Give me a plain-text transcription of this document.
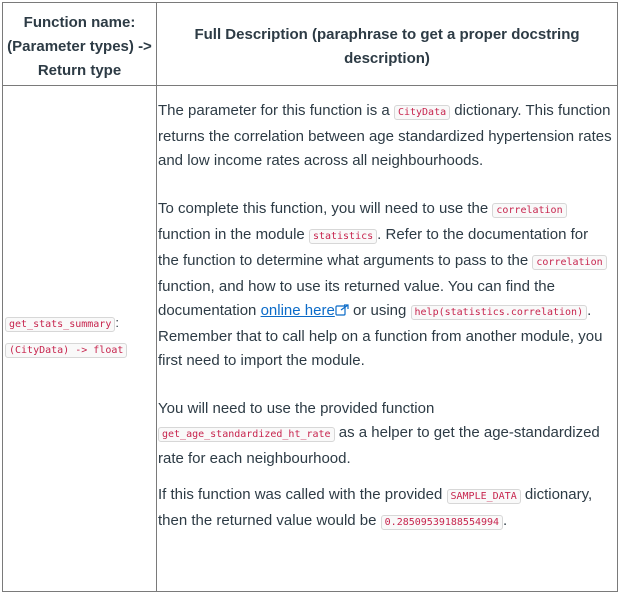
Function name:
(Parameter types) ->
Return type
Full Description (paraphrase to get a proper docstring
description)
get_stats_summary :
(CityData) -> float

The parameter for this function is a CityData dictionary. This function returns the correlation between age standardized hypertension rates and low income rates across all neighbourhoods.

To complete this function, you will need to use the correlation function in the module statistics . Refer to the documentation for the function to determine what arguments to pass to the correlation function, and how to use its returned value. You can find the documentation online here or using help(statistics.correlation) . Remember that to call help on a function from another module, you first need to import the module.

You will need to use the provided function get_age_standardized_ht_rate as a helper to get the age-standardized rate for each neighbourhood.

If this function was called with the provided SAMPLE_DATA dictionary, then the returned value would be 0.28509539188554994 .
